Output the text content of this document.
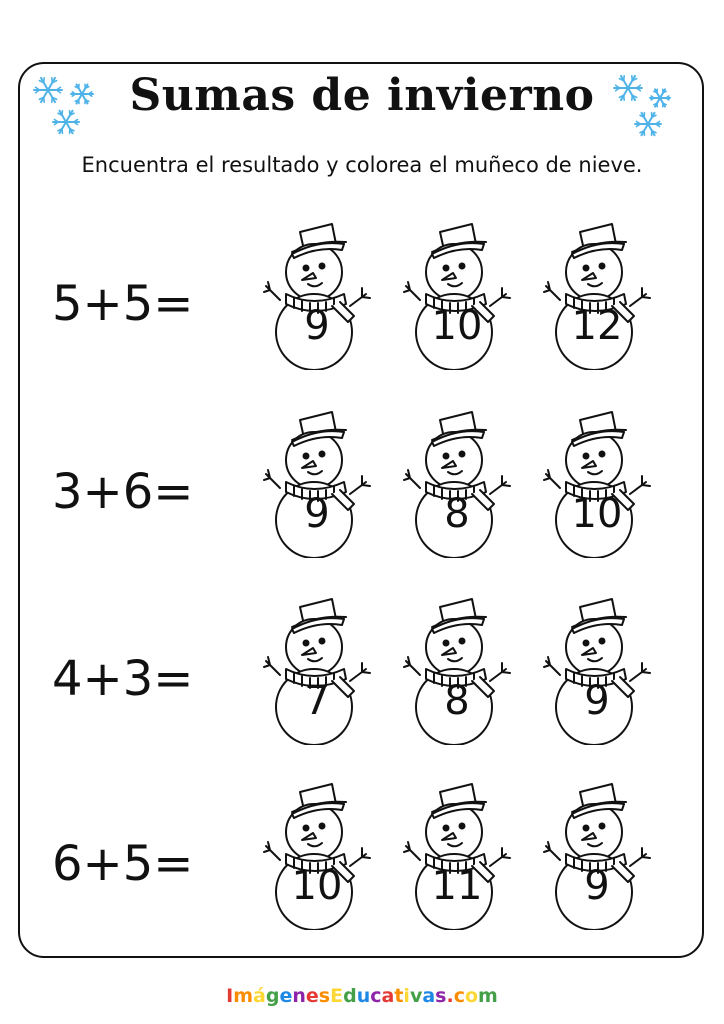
Sumas de invierno

Encuentra el resultado y colorea el muñeco de nieve.

5+5=	9	10	12
3+6=	9	8	10
4+3=	7	8	9
6+5=	10	11	9

ImágenesEducativas.com
